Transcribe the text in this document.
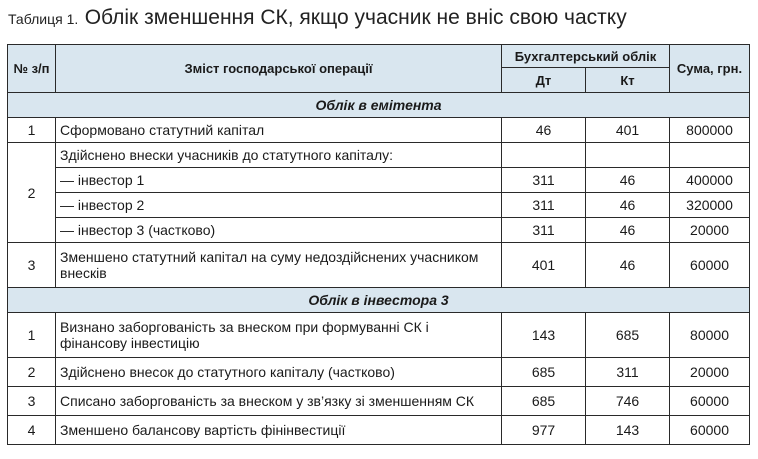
Таблиця 1. Облік зменшення СК, якщо учасник не вніс свою частку
№ з/п	Зміст господарської операції	Бухгалтерський облік		Сума, грн.
		Дт	Кт	
Облік в емітента				
1	Сформовано статутний капітал	46	401	800000
2	Здійснено внески учасників до статутного капіталу:			
	— інвестор 1	311	46	400000
	— інвестор 2	311	46	320000
	— інвестор 3 (частково)	311	46	20000
3	Зменшено статутний капітал на суму недоздійснених учасником внесків	401	46	60000
Облік в інвестора 3				
1	Визнано заборгованість за внеском при формуванні СК і фінансову інвестицію	143	685	80000
2	Здійснено внесок до статутного капіталу (частково)	685	311	20000
3	Списано заборгованість за внеском у зв’язку зі зменшенням СК	685	746	60000
4	Зменшено балансову вартість фінінвестиції	977	143	60000
